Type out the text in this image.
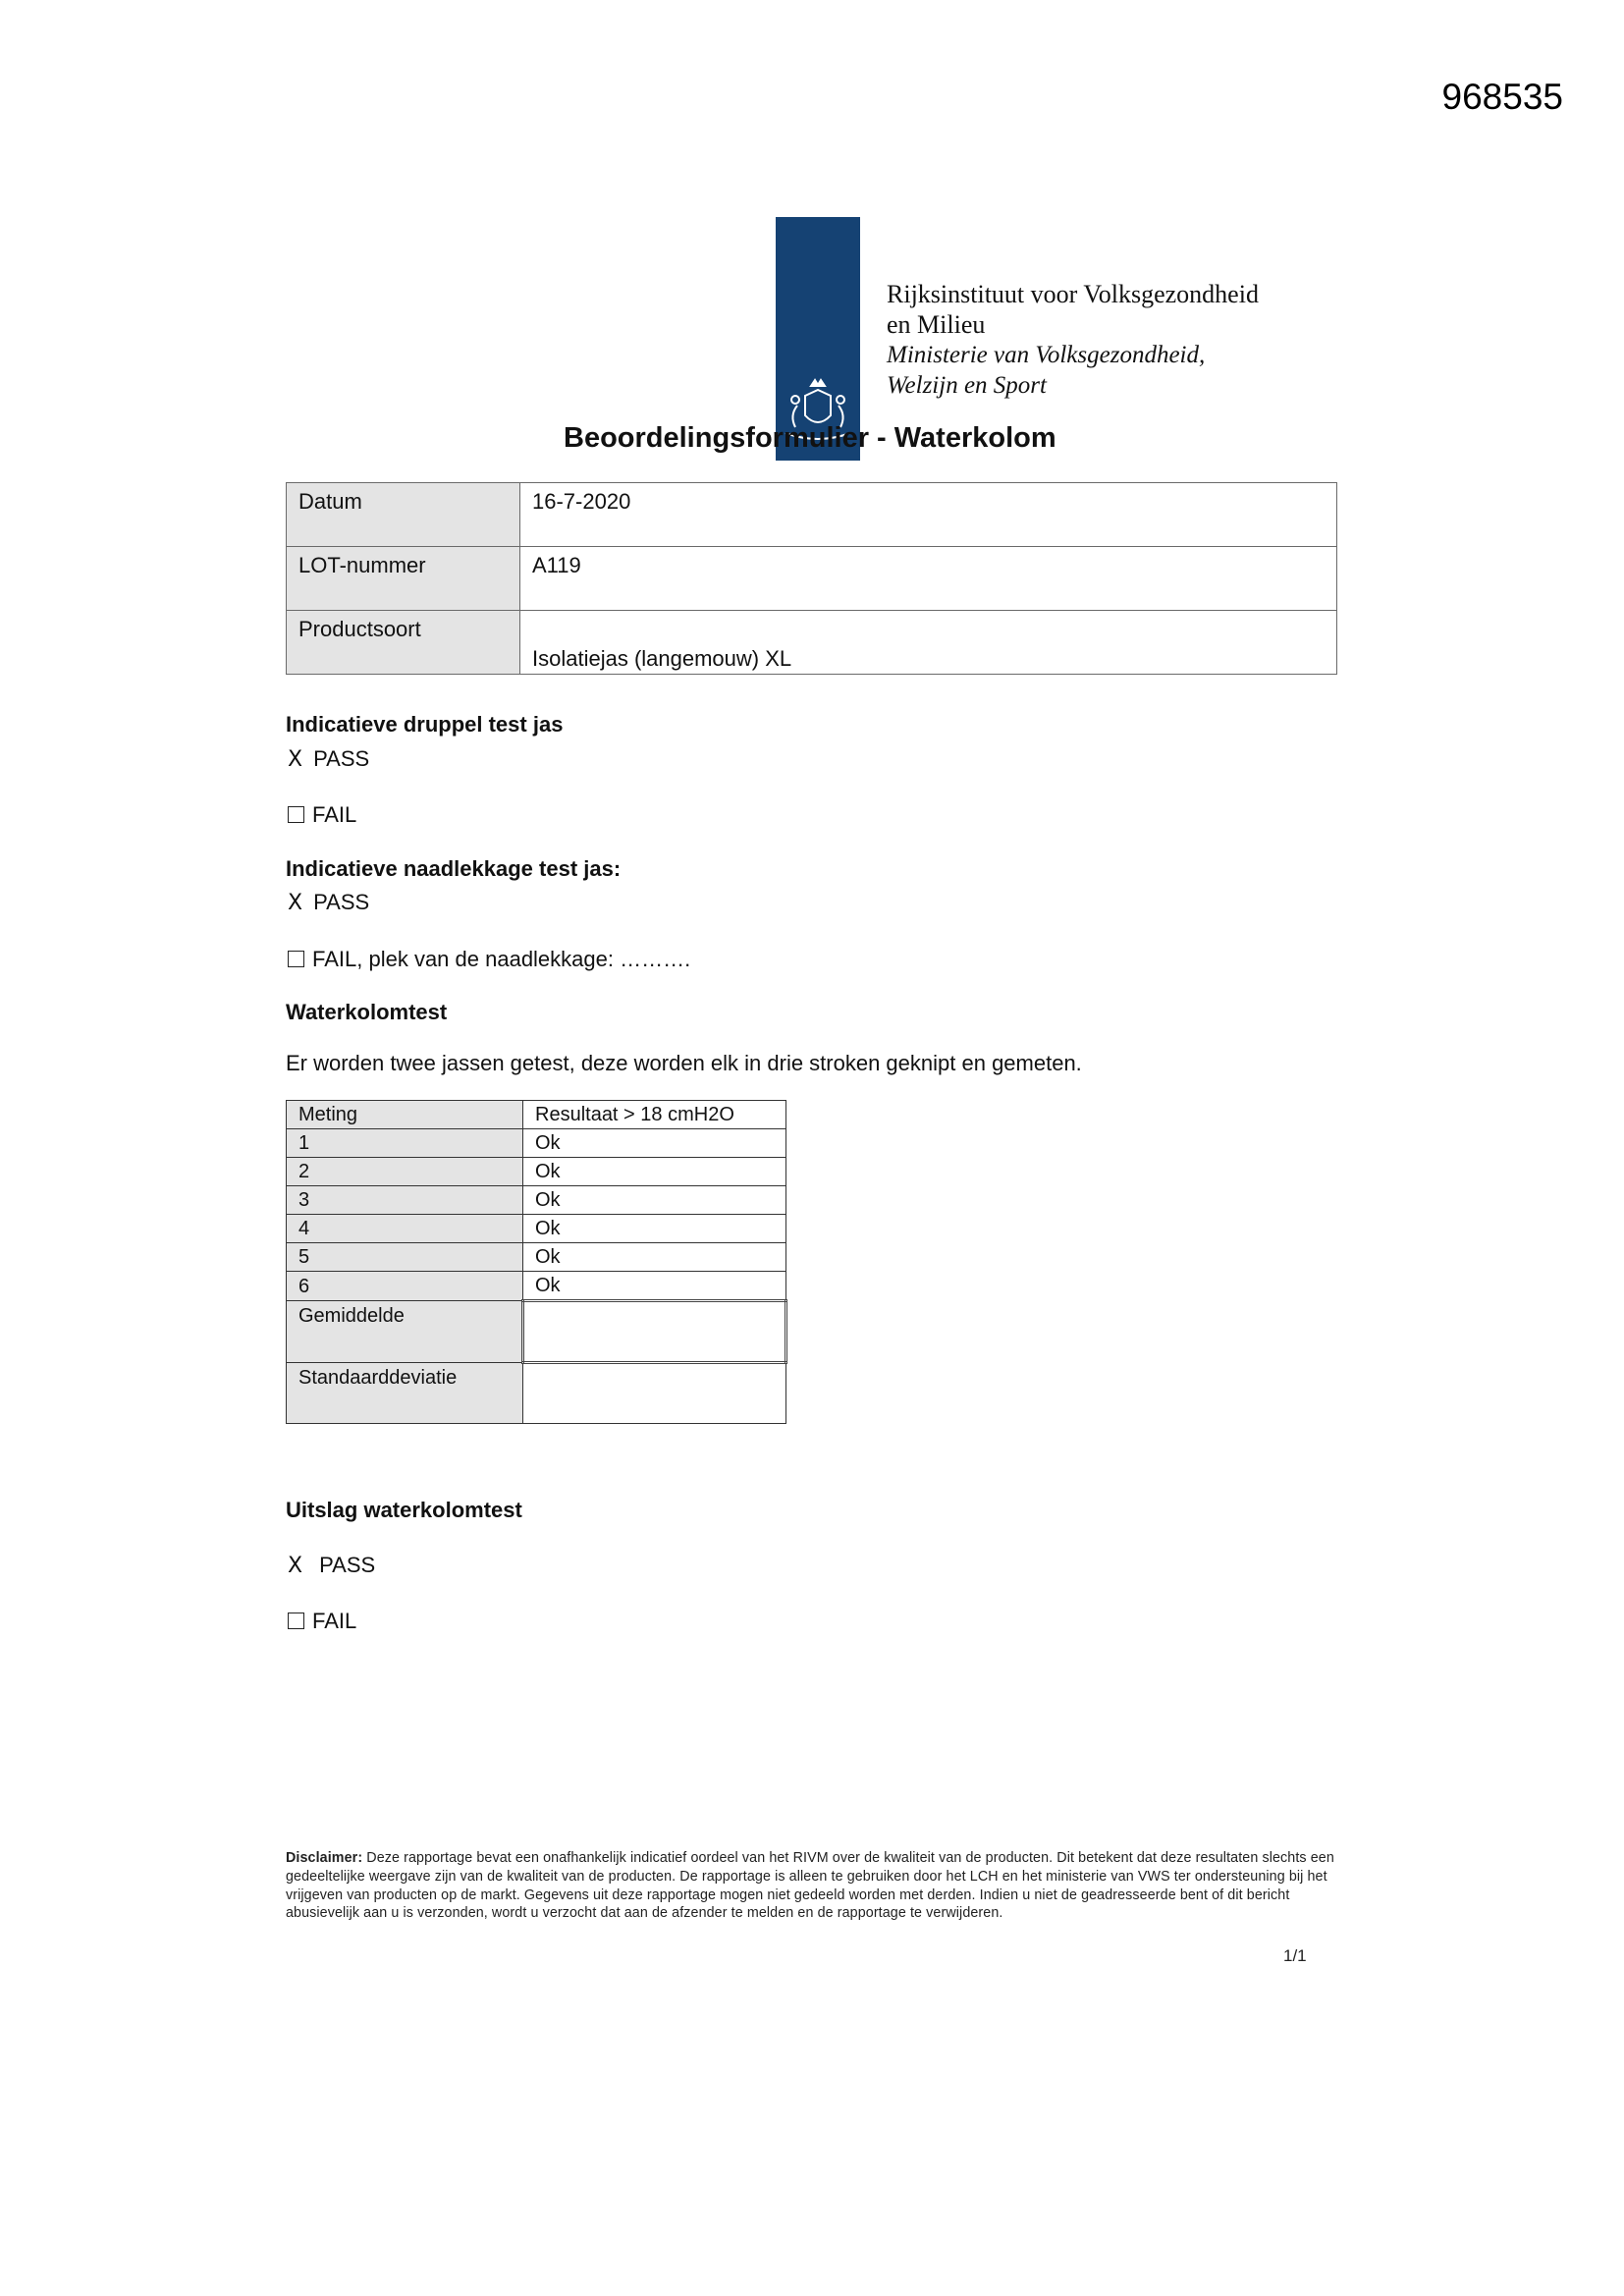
968535
Rijksinstituut voor Volksgezondheid
en Milieu
Ministerie van Volksgezondheid,
Welzijn en Sport
Beoordelingsformulier - Waterkolom
Datum	16-7-2020
LOT-nummer	A119
Productsoort	Isolatiejas (langemouw) XL
Indicatieve druppel test jas
X PASS
FAIL
Indicatieve naadlekkage test jas:
X PASS
FAIL, plek van de naadlekkage: ……….
Waterkolomtest
Er worden twee jassen getest, deze worden elk in drie stroken geknipt en gemeten.
Meting	Resultaat > 18 cmH2O
1	Ok
2	Ok
3	Ok
4	Ok
5	Ok
6	Ok
Gemiddelde	
Standaarddeviatie	
Uitslag waterkolomtest
X PASS
FAIL
Disclaimer: Deze rapportage bevat een onafhankelijk indicatief oordeel van het RIVM over de kwaliteit van de producten. Dit betekent dat deze resultaten slechts een gedeeltelijke weergave zijn van de kwaliteit van de producten. De rapportage is alleen te gebruiken door het LCH en het ministerie van VWS ter ondersteuning bij het vrijgeven van producten op de markt. Gegevens uit deze rapportage mogen niet gedeeld worden met derden. Indien u niet de geadresseerde bent of dit bericht abusievelijk aan u is verzonden, wordt u verzocht dat aan de afzender te melden en de rapportage te verwijderen.
1/1
